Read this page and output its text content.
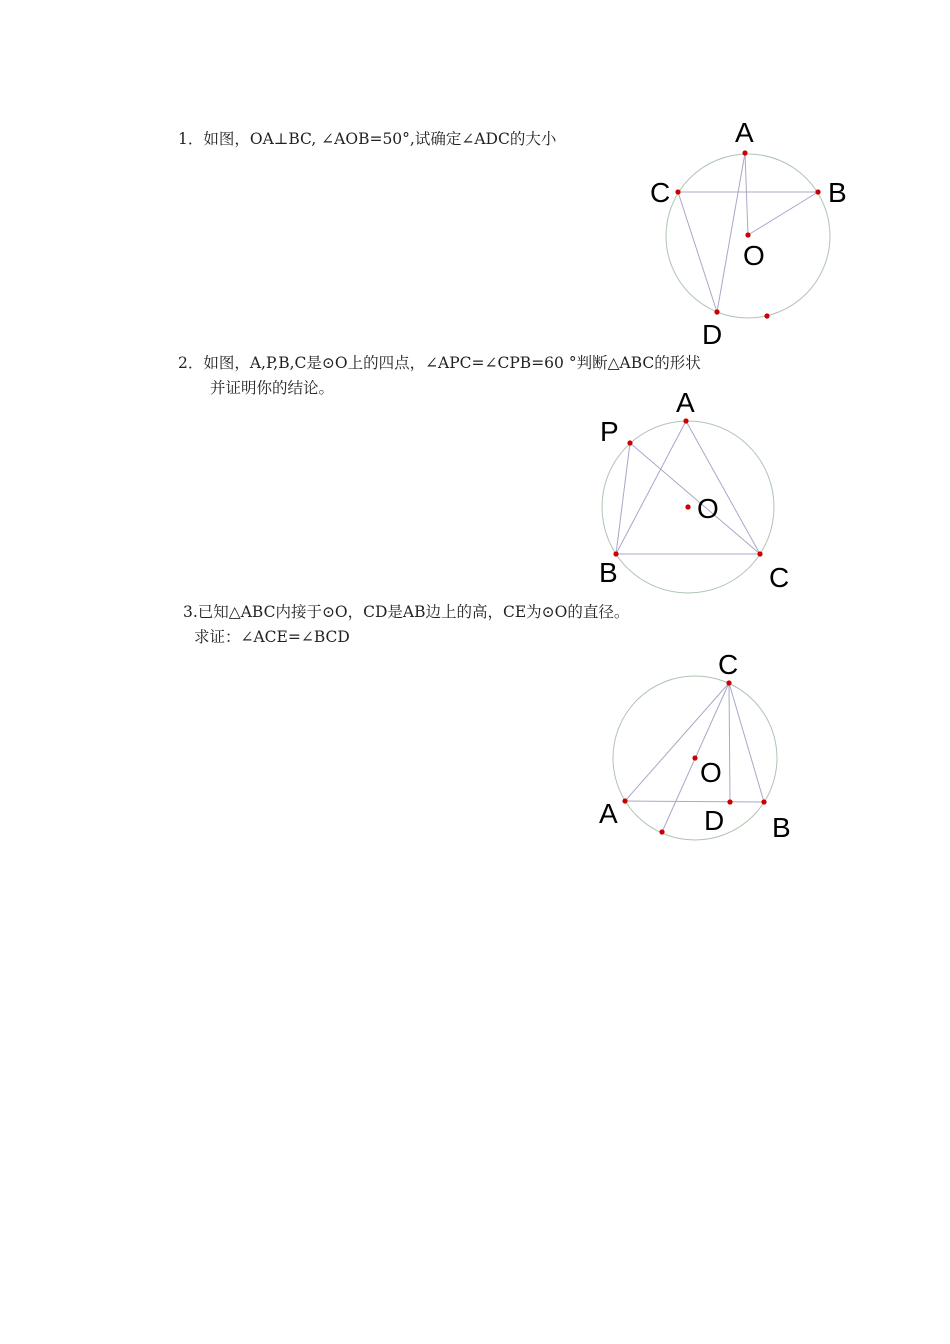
1．如图，OA⊥BC, ∠AOB=50°,试确定∠ADC的大小	A
C	B
O
D
2．如图，A,P,B,C是⊙O上的四点，∠APC=∠CPB=60 °判断△ABC的形状
并证明你的结论。	A
P
O
B	C
3.已知△ABC内接于⊙O，CD是AB边上的高，CE为⊙O的直径。
求证：∠ACE=∠BCD
C
O
A	D B
